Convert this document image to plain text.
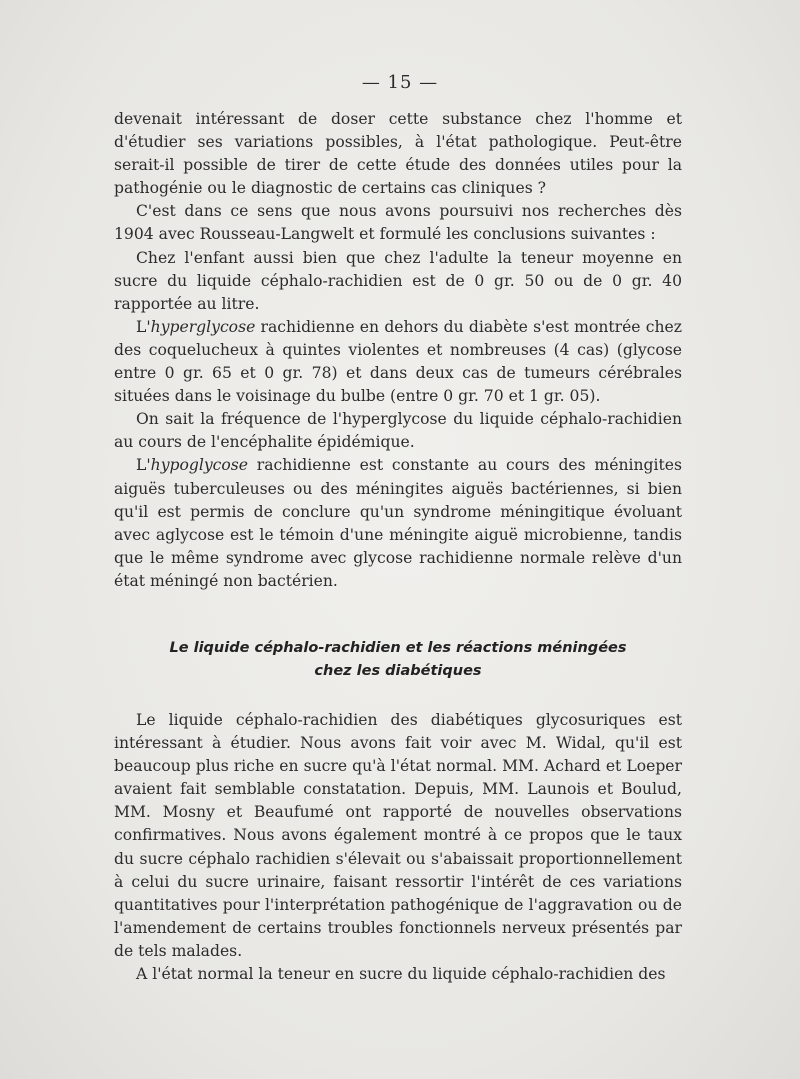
— 15 —

devenait intéressant de doser cette substance chez l'homme et d'étudier ses variations possibles, à l'état pathologique. Peut-être serait-il possible de tirer de cette étude des données utiles pour la pathogénie ou le diagnostic de certains cas cliniques ?

C'est dans ce sens que nous avons poursuivi nos recherches dès 1904 avec Rousseau-Langwelt et formulé les conclusions suivantes :

Chez l'enfant aussi bien que chez l'adulte la teneur moyenne en sucre du liquide céphalo-rachidien est de 0 gr. 50 ou de 0 gr. 40 rapportée au litre.

L'hyperglycose rachidienne en dehors du diabète s'est montrée chez des coquelucheux à quintes violentes et nombreuses (4 cas) (glycose entre 0 gr. 65 et 0 gr. 78) et dans deux cas de tumeurs cérébrales situées dans le voisinage du bulbe (entre 0 gr. 70 et 1 gr. 05).

On sait la fréquence de l'hyperglycose du liquide céphalo-rachidien au cours de l'encéphalite épidémique.

L'hypoglycose rachidienne est constante au cours des méningites aiguës tuberculeuses ou des méningites aiguës bactériennes, si bien qu'il est permis de conclure qu'un syndrome méningitique évoluant avec aglycose est le témoin d'une méningite aiguë microbienne, tandis que le même syndrome avec glycose rachidienne normale relève d'un état méningé non bactérien.

Le liquide céphalo-rachidien et les réactions méningées
chez les diabétiques

Le liquide céphalo-rachidien des diabétiques glycosuriques est intéressant à étudier. Nous avons fait voir avec M. Widal, qu'il est beaucoup plus riche en sucre qu'à l'état normal. MM. Achard et Loeper avaient fait semblable constatation. Depuis, MM. Launois et Boulud, MM. Mosny et Beaufumé ont rapporté de nouvelles observations confirmatives. Nous avons également montré à ce propos que le taux du sucre céphalo rachidien s'élevait ou s'abaissait proportionnellement à celui du sucre urinaire, faisant ressortir l'intérêt de ces variations quantitatives pour l'interprétation pathogénique de l'aggravation ou de l'amendement de certains troubles fonctionnels nerveux présentés par de tels malades.

A l'état normal la teneur en sucre du liquide céphalo-rachidien des
